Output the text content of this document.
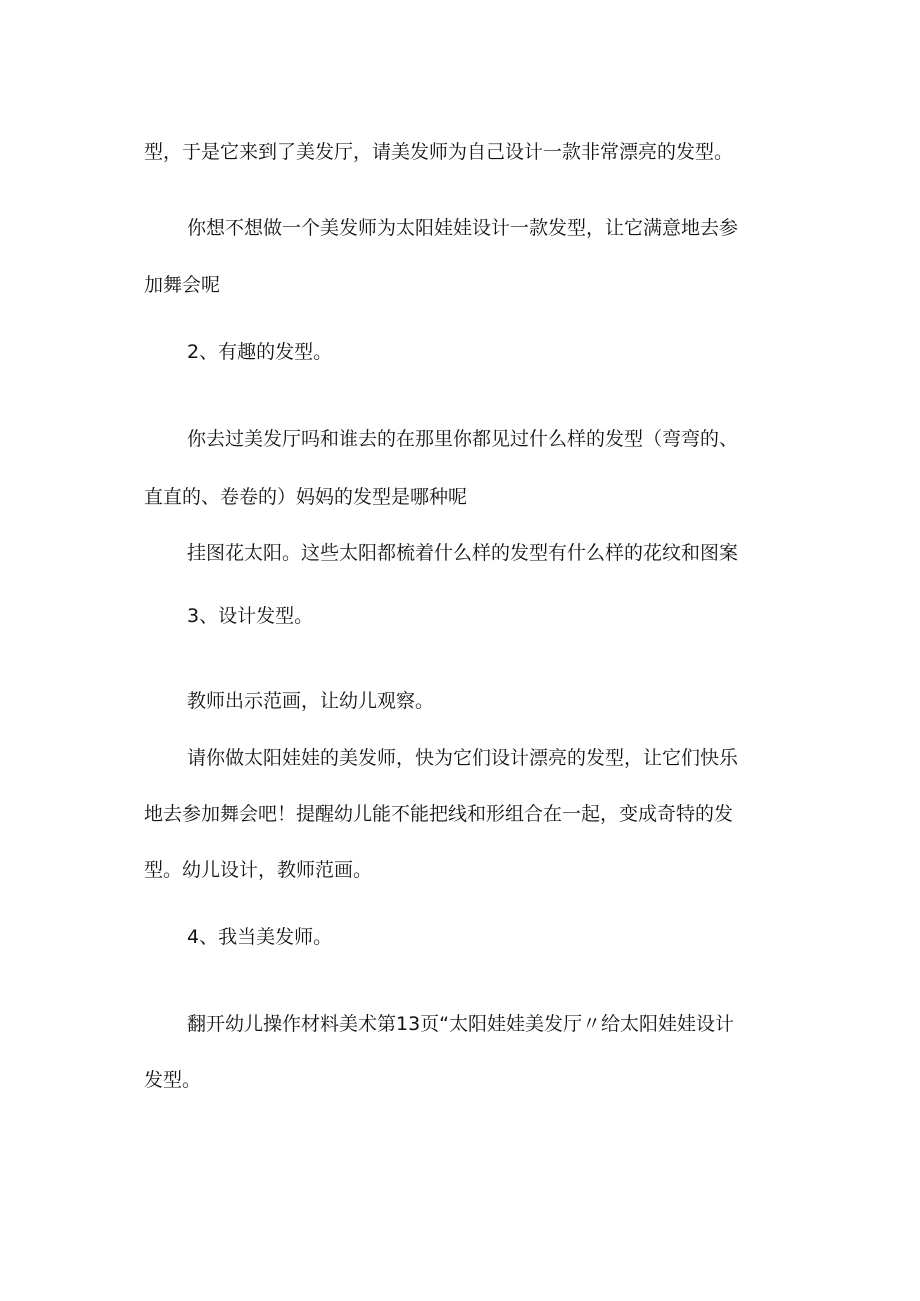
型，于是它来到了美发厅，请美发师为自己设计一款非常漂亮的发型。
你想不想做一个美发师为太阳娃娃设计一款发型，让它满意地去参
加舞会呢
2、有趣的发型。
你去过美发厅吗和谁去的在那里你都见过什么样的发型（弯弯的、
直直的、卷卷的）妈妈的发型是哪种呢
挂图花太阳。这些太阳都梳着什么样的发型有什么样的花纹和图案
3、设计发型。
教师出示范画，让幼儿观察。
请你做太阳娃娃的美发师，快为它们设计漂亮的发型，让它们快乐
地去参加舞会吧！提醒幼儿能不能把线和形组合在一起，变成奇特的发
型。幼儿设计，教师范画。
4、我当美发师。
翻开幼儿操作材料美术第13页“太阳娃娃美发厅〃给太阳娃娃设计
发型。
